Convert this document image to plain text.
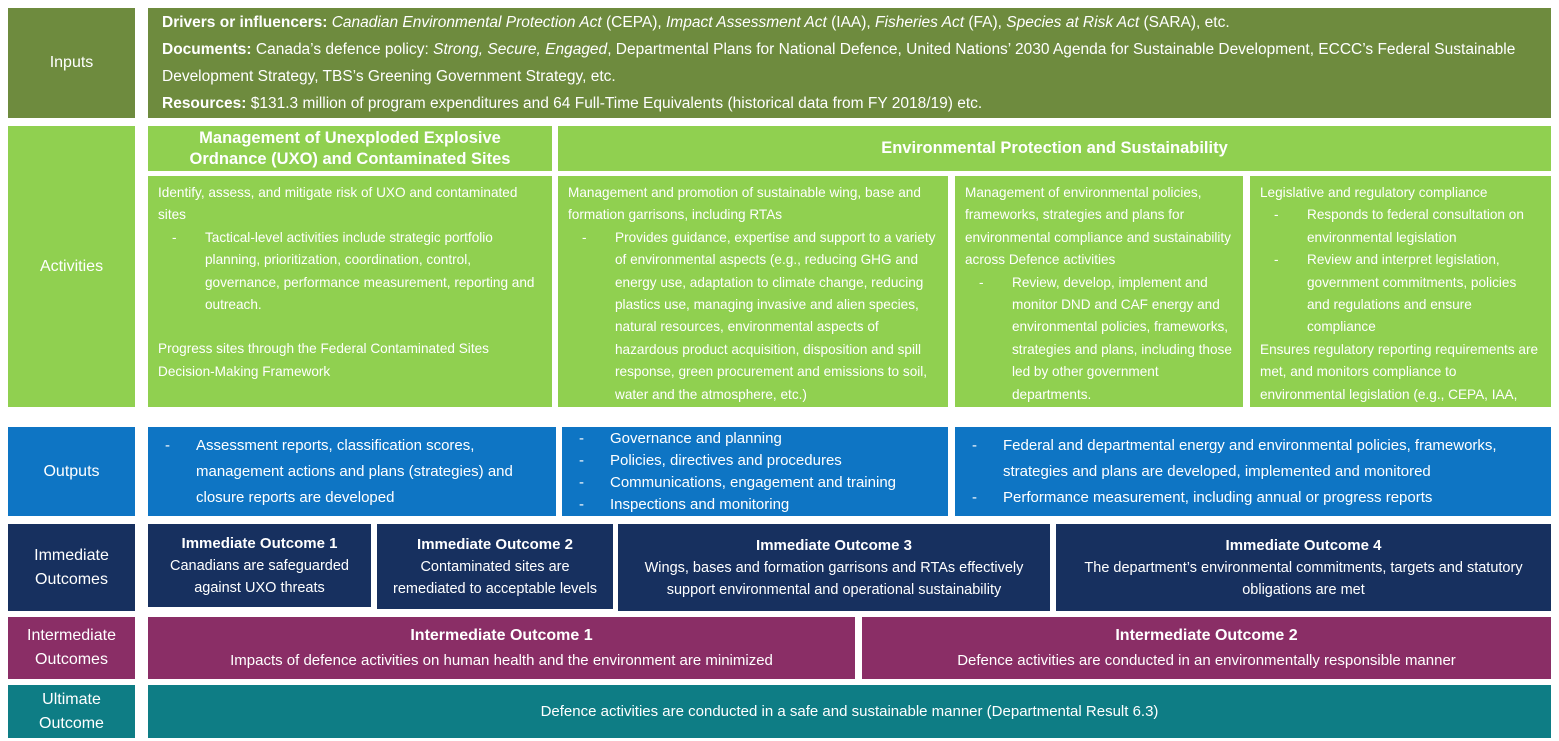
Inputs
Drivers or influencers: Canadian Environmental Protection Act (CEPA), Impact Assessment Act (IAA), Fisheries Act (FA), Species at Risk Act (SARA), etc.
Documents: Canada’s defence policy: Strong, Secure, Engaged, Departmental Plans for National Defence, United Nations’ 2030 Agenda for Sustainable Development, ECCC’s Federal Sustainable Development Strategy, TBS’s Greening Government Strategy, etc.
Resources: $131.3 million of program expenditures and 64 Full-Time Equivalents (historical data from FY 2018/19) etc.
Activities
Management of Unexploded Explosive Ordnance (UXO) and Contaminated Sites
Environmental Protection and Sustainability
Identify, assess, and mitigate risk of UXO and contaminated sites
- Tactical-level activities include strategic portfolio planning, prioritization, coordination, control, governance, performance measurement, reporting and outreach.
Progress sites through the Federal Contaminated Sites Decision-Making Framework
Management and promotion of sustainable wing, base and formation garrisons, including RTAs
- Provides guidance, expertise and support to a variety of environmental aspects (e.g., reducing GHG and energy use, adaptation to climate change, reducing plastics use, managing invasive and alien species, natural resources, environmental aspects of hazardous product acquisition, disposition and spill response, green procurement and emissions to soil, water and the atmosphere, etc.)
Management of environmental policies, frameworks, strategies and plans for environmental compliance and sustainability across Defence activities
- Review, develop, implement and monitor DND and CAF energy and environmental policies, frameworks, strategies and plans, including those led by other government departments.
Legislative and regulatory compliance
- Responds to federal consultation on environmental legislation
- Review and interpret legislation, government commitments, policies and regulations and ensure compliance
Ensures regulatory reporting requirements are met, and monitors compliance to environmental legislation (e.g., CEPA, IAA, FA, SARA, etc.)
Outputs
- Assessment reports, classification scores, management actions and plans (strategies) and closure reports are developed
- Governance and planning
- Policies, directives and procedures
- Communications, engagement and training
- Inspections and monitoring
- Federal and departmental energy and environmental policies, frameworks, strategies and plans are developed, implemented and monitored
- Performance measurement, including annual or progress reports
Immediate Outcomes
Immediate Outcome 1
Canadians are safeguarded against UXO threats
Immediate Outcome 2
Contaminated sites are remediated to acceptable levels
Immediate Outcome 3
Wings, bases and formation garrisons and RTAs effectively support environmental and operational sustainability
Immediate Outcome 4
The department’s environmental commitments, targets and statutory obligations are met
Intermediate Outcomes
Intermediate Outcome 1
Impacts of defence activities on human health and the environment are minimized
Intermediate Outcome 2
Defence activities are conducted in an environmentally responsible manner
Ultimate Outcome
Defence activities are conducted in a safe and sustainable manner (Departmental Result 6.3)
